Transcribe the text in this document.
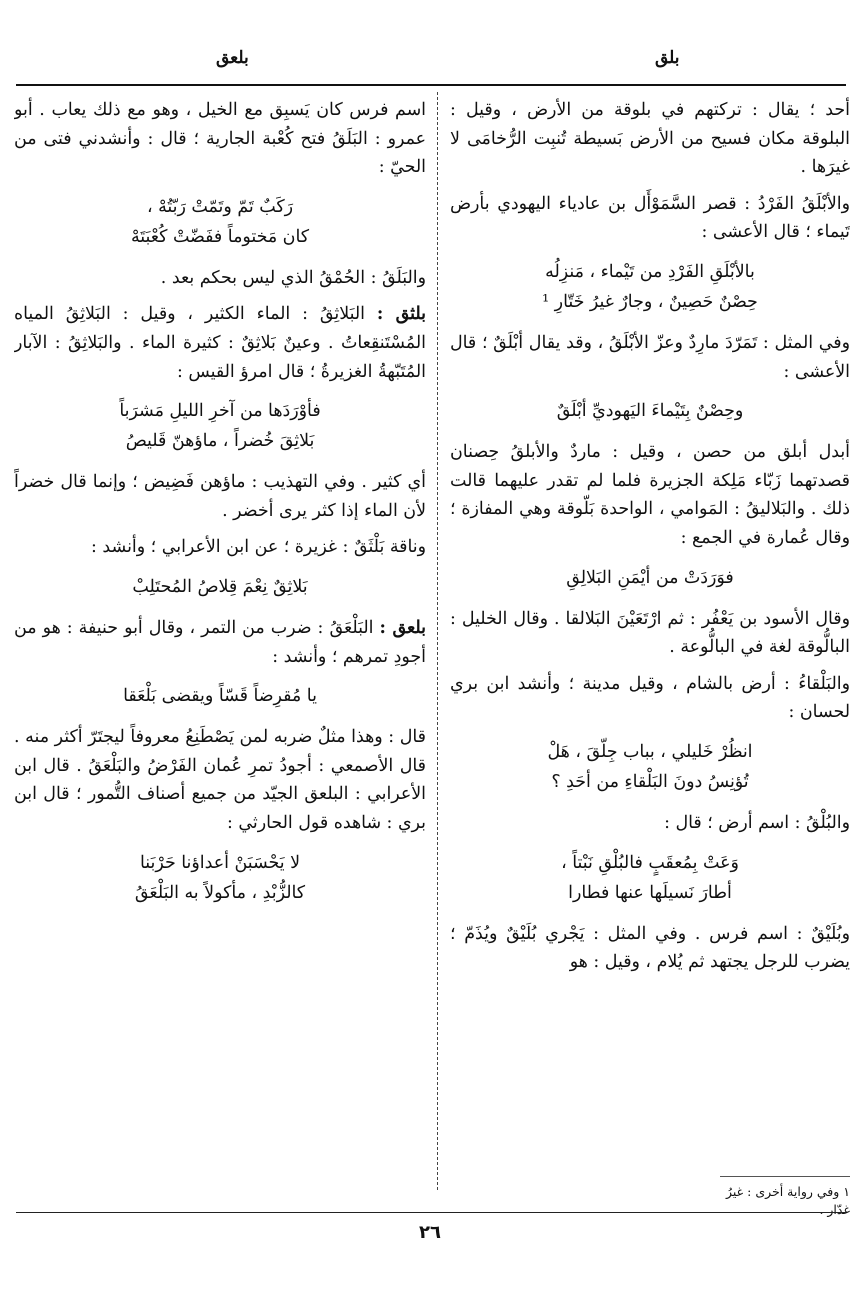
بلعق	بلق

أحد ؛ يقال : تركتهم في بلوقة من الأرض ، وقيل : البلوقة مكان فسيح من الأرض بَسيطة تُنبِت الرُّخامَى لا غيرَها .

والأبْلَقُ الفَرْدُ : قصر السَّمَوْأَل بن عادياء اليهودي بأرض تَيماء ؛ قال الأعشى :

بالأبْلَقِ الفَرْدِ من تَيْماء ، مَنزِلُه
حِصْنٌ حَصِينٌ ، وجارٌ غيرُ خَتّارِ ¹

وفي المثل : تَمَرّدَ مارِدٌ وعزّ الأبْلَقُ ، وقد يقال أبْلَقٌ ؛ قال الأعشى :

وحِصْنٌ بِتَيْماءَ اليَهوديِّ أبْلَقٌ

أبدل أبلق من حصن ، وقيل : ماردٌ والأبلقُ حِصنان قصدتهما زَبّاء مَلِكة الجزيرة فلما لم تقدر عليهما قالت ذلك . والبَلاليقُ : المَوامي ، الواحدة بَلّوقة وهي المفازة ؛ وقال عُمارة في الجمع :

فوَرَدَتْ من أيْمَنِ البَلالِقِ

وقال الأسود بن يَعْفُر : ثم ارْتَعَيْنَ البَلالقا . وقال الخليل : البالُّوقة لغة في البالُّوعة .

والبَلْقاءُ : أرض بالشام ، وقيل مدينة ؛ وأنشد ابن بري لحسان :

انظُرْ خَليلي ، بباب جِلّقَ ، هَلْ
تُؤنِسُ دونَ البَلْقاءِ من أحَدِ ؟

والبُلْقُ : اسم أرض ؛ قال :

وَعَتْ بِمُعقَبٍ فالبُلْقِ نَبْتاً ،
أطارَ نَسيلَها عنها فطارا

وبُلَيْقٌ : اسم فرس . وفي المثل : يَجْري بُلَيْقٌ ويُذَمّ ؛ يضرب للرجل يجتهد ثم يُلام ، وقيل : هو

١ وفي رواية أخرى : غيرُ غدّار .

اسم فرس كان يَسبِق مع الخيل ، وهو مع ذلك يعاب . أبو عمرو : البَلَقُ فتح كُعْبة الجارية ؛ قال : وأنشدني فتى من الحيّ :

رَكَبٌ تَمّ وتَمّتْ رَبّتُهْ ،
كان مَختوماً ففَضّتْ كُعْبَتَهْ

والبَلَقُ : الحُمْقُ الذي ليس بحكم بعد .

بلثق : البَلاثِقُ : الماء الكثير ، وقيل : البَلاثِقُ المياه المُسْتَنقِعاتُ . وعينٌ بَلاثِقٌ : كثيرة الماء . والبَلاثِقُ : الآبار المُتَبّهةُ الغزيرةُ ؛ قال امرؤ القيس :

فأوْرَدَها من آخرِ الليلِ مَشرَباً
بَلاثِقَ خُضراً ، ماؤهنّ قَليصُ

أي كثير . وفي التهذيب : ماؤهن فَضِيض ؛ وإنما قال خضراً لأن الماء إذا كثر يرى أخضر .

وناقة بَلْثَقٌ : غزيرة ؛ عن ابن الأعرابي ؛ وأنشد :

بَلاثِقٌ نِعْمَ قِلاصُ المُحتَلِبْ

بلعق : البَلْعَقُ : ضرب من التمر ، وقال أبو حنيفة : هو من أجودِ تمرهم ؛ وأنشد :

يا مُقرِضاً قَسّاً ويقضى بَلْعَقا

قال : وهذا مثلٌ ضربه لمن يَصْطَنِعُ معروفاً ليجتَرّ أكثر منه . قال الأصمعي : أجودُ تمرِ عُمان الفَرْضُ والبَلْعَقُ . قال ابن الأعرابي : البلعق الجيّد من جميع أصناف التُّمور ؛ قال ابن بري : شاهده قول الحارثي :

لا يَحْسَبَنْ أعداؤنا حَرْبَنا
كالزُّبْدِ ، مأكولاً به البَلْعَقُ
٢٦
